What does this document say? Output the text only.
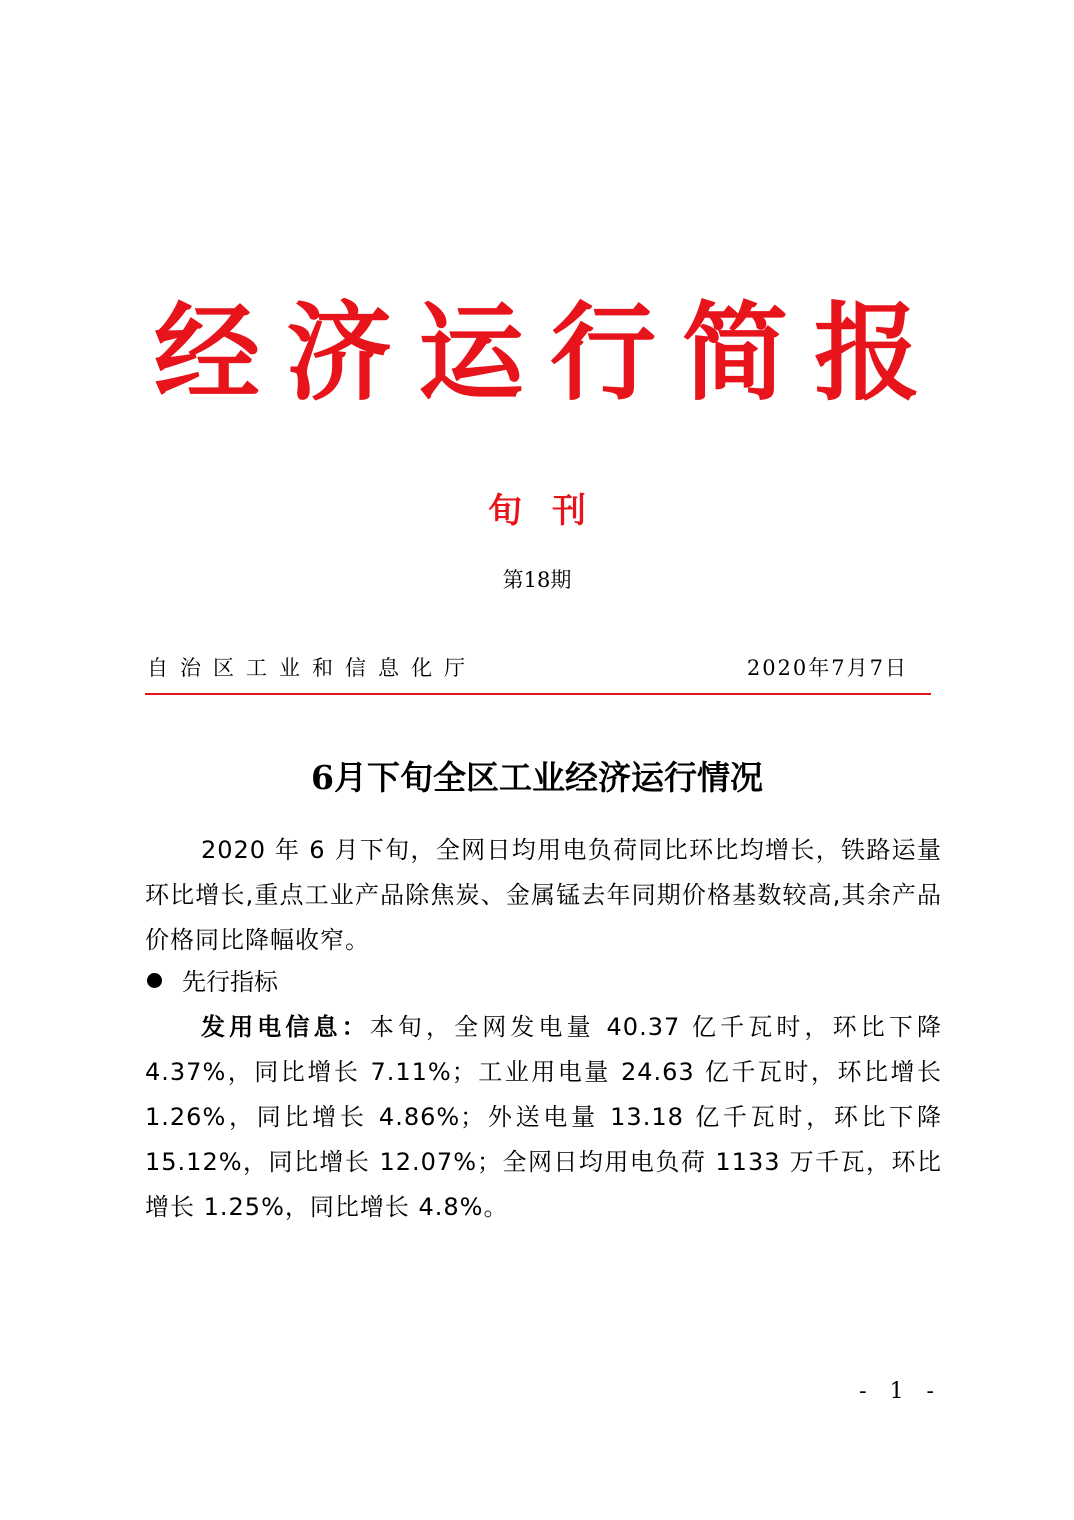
经济运行简报
旬刊
第18期
自治区工业和信息化厅	2020年7月7日
6月下旬全区工业经济运行情况
2020 年 6 月下旬，全网日均用电负荷同比环比均增长，铁路运量环比增长,重点工业产品除焦炭、金属锰去年同期价格基数较高,其余产品价格同比降幅收窄。
先行指标
发用电信息：本旬，全网发电量 40.37 亿千瓦时，环比下降 4.37%，同比增长 7.11%；工业用电量 24.63 亿千瓦时，环比增长 1.26%，同比增长 4.86%；外送电量 13.18 亿千瓦时，环比下降 15.12%，同比增长 12.07%；全网日均用电负荷 1133 万千瓦，环比增长 1.25%，同比增长 4.8%。
- 1 -
